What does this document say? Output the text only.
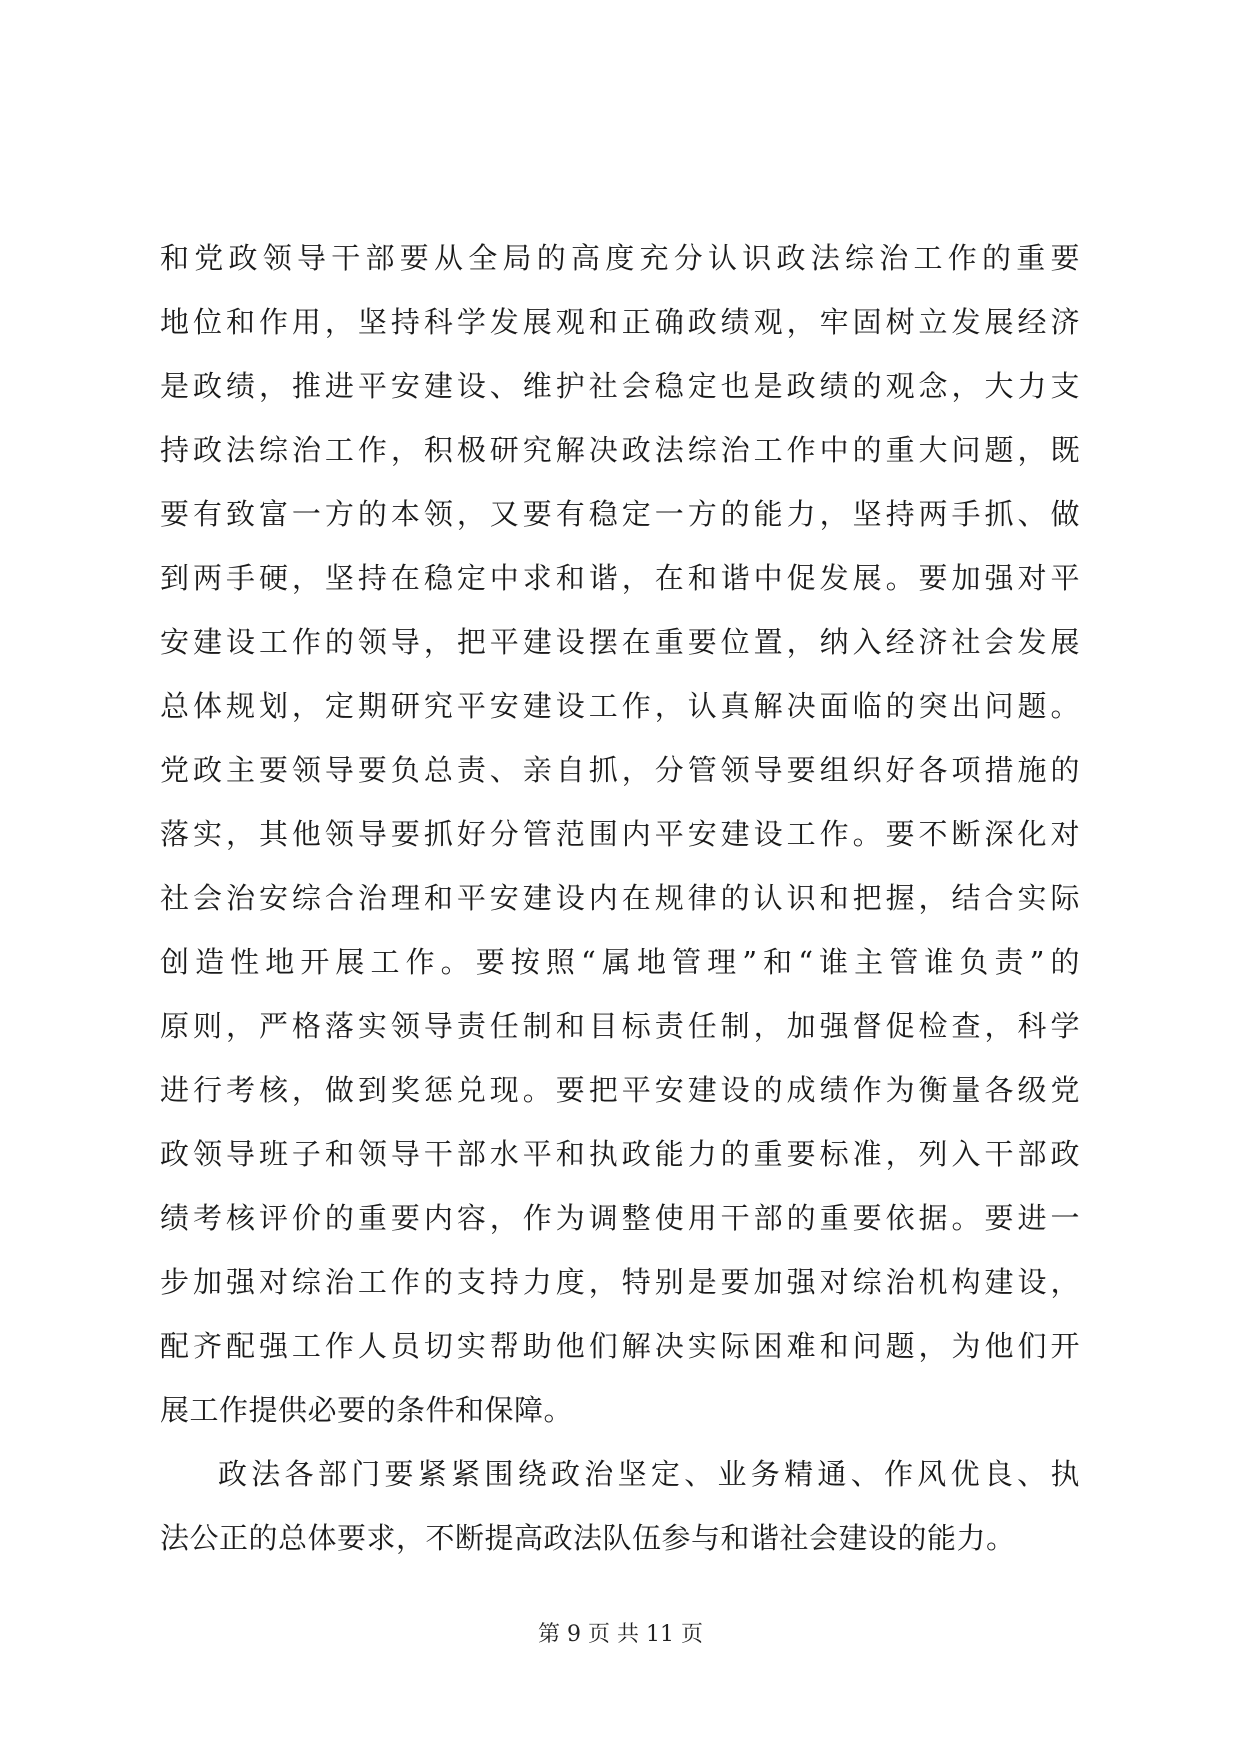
和党政领导干部要从全局的高度充分认识政法综治工作的重要
地位和作用，坚持科学发展观和正确政绩观，牢固树立发展经济
是政绩，推进平安建设、维护社会稳定也是政绩的观念，大力支
持政法综治工作，积极研究解决政法综治工作中的重大问题，既
要有致富一方的本领，又要有稳定一方的能力，坚持两手抓、做
到两手硬，坚持在稳定中求和谐，在和谐中促发展。要加强对平
安建设工作的领导，把平建设摆在重要位置，纳入经济社会发展
总体规划，定期研究平安建设工作，认真解决面临的突出问题。
党政主要领导要负总责、亲自抓，分管领导要组织好各项措施的
落实，其他领导要抓好分管范围内平安建设工作。要不断深化对
社会治安综合治理和平安建设内在规律的认识和把握，结合实际
创造性地开展工作。要按照“属地管理”和“谁主管谁负责”的
原则，严格落实领导责任制和目标责任制，加强督促检查，科学
进行考核，做到奖惩兑现。要把平安建设的成绩作为衡量各级党
政领导班子和领导干部水平和执政能力的重要标准，列入干部政
绩考核评价的重要内容，作为调整使用干部的重要依据。要进一
步加强对综治工作的支持力度，特别是要加强对综治机构建设，
配齐配强工作人员切实帮助他们解决实际困难和问题，为他们开
展工作提供必要的条件和保障。
政法各部门要紧紧围绕政治坚定、业务精通、作风优良、执
法公正的总体要求，不断提高政法队伍参与和谐社会建设的能力。
第 9 页 共 11 页
